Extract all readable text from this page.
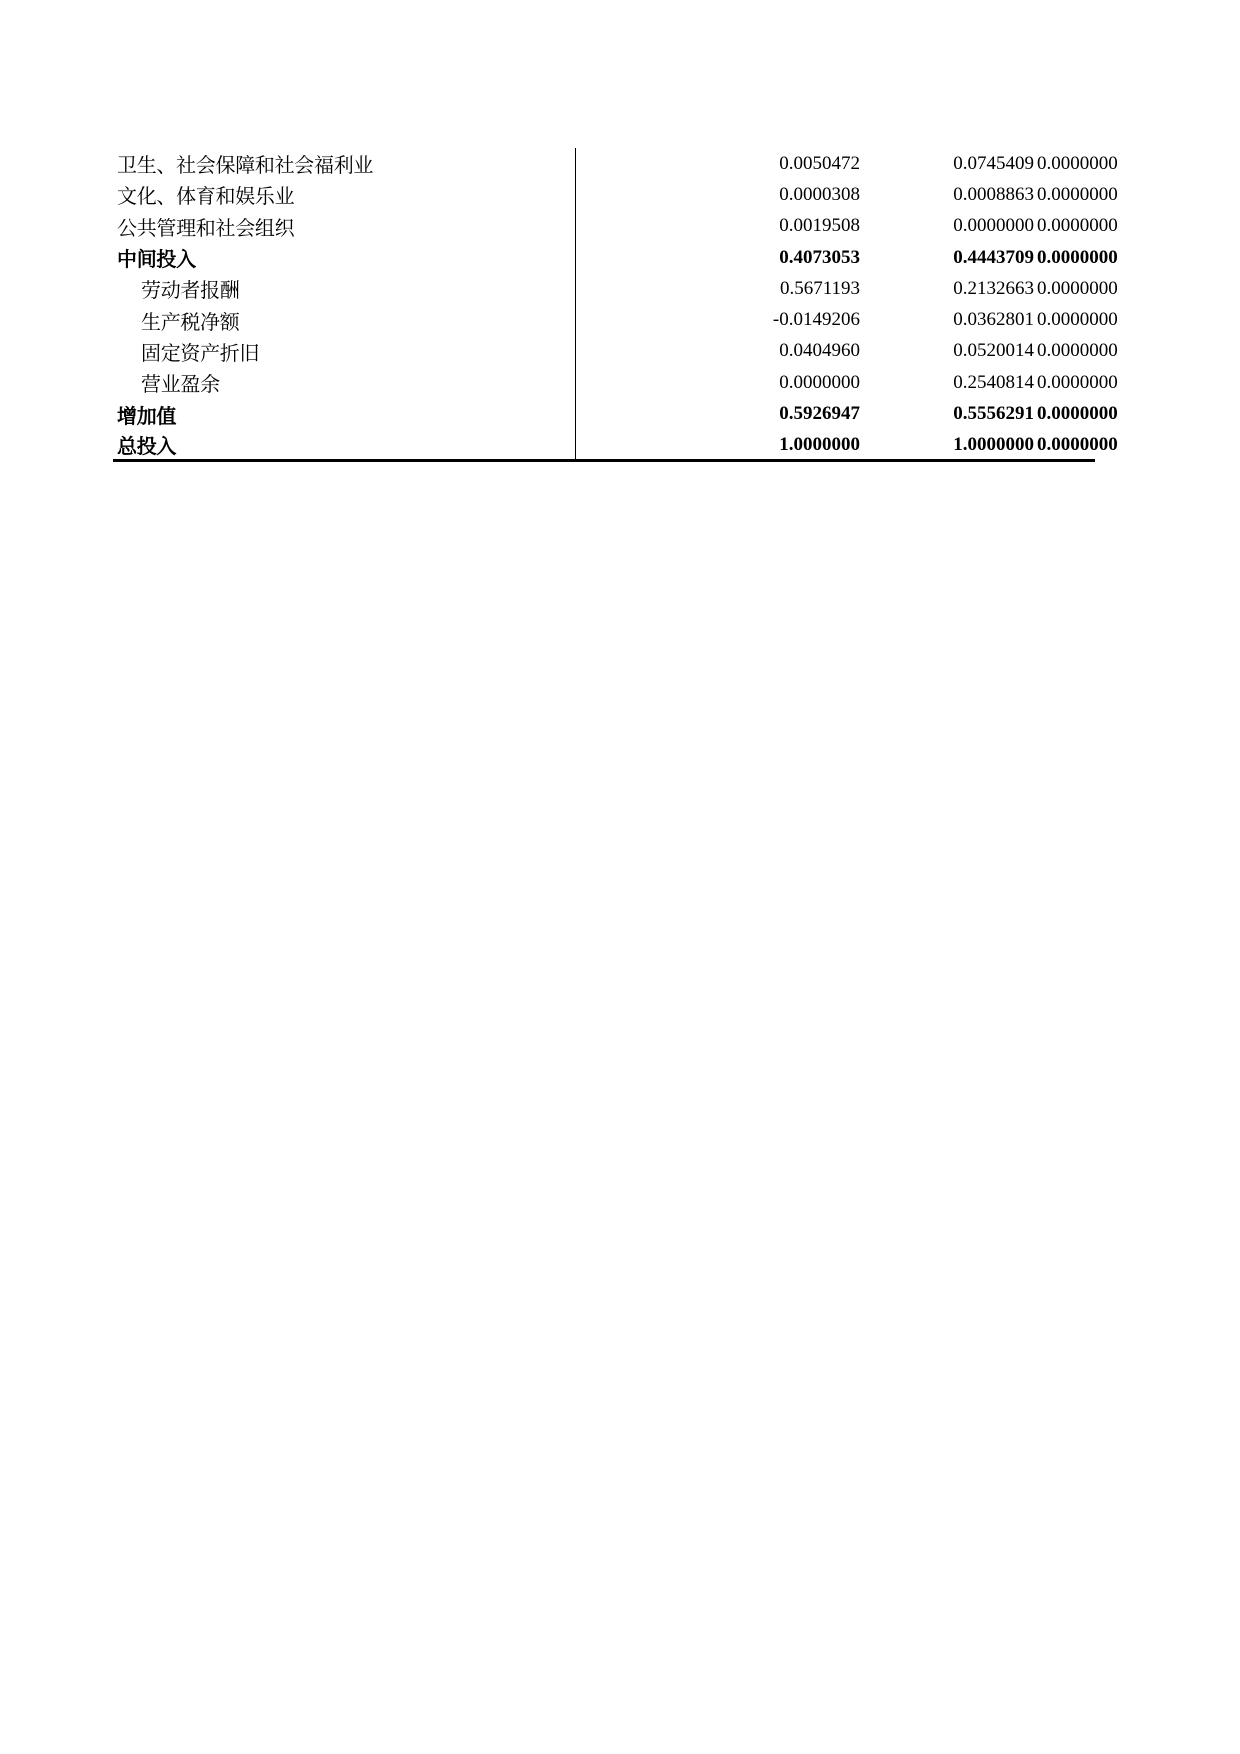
卫生、社会保障和社会福利业	0.0050472	0.0745409	0.0000000
文化、体育和娱乐业	0.0000308	0.0008863	0.0000000
公共管理和社会组织	0.0019508	0.0000000	0.0000000
中间投入	0.4073053	0.4443709	0.0000000
劳动者报酬	0.5671193	0.2132663	0.0000000
生产税净额	-0.0149206	0.0362801	0.0000000
固定资产折旧	0.0404960	0.0520014	0.0000000
营业盈余	0.0000000	0.2540814	0.0000000
增加值	0.5926947	0.5556291	0.0000000
总投入	1.0000000	1.0000000	0.0000000
